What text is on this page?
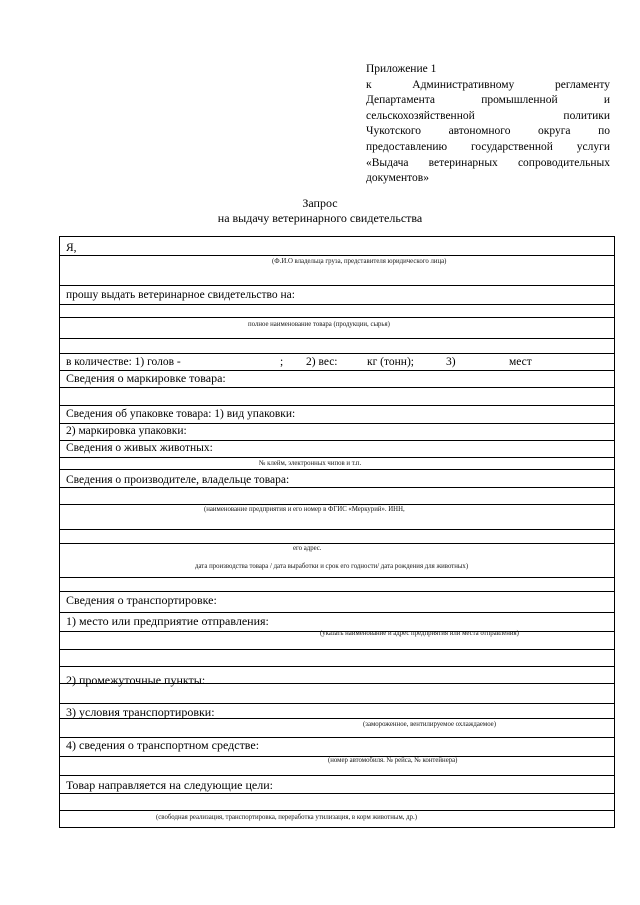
Приложение 1
к	Административному	регламенту
Департамента	промышленной	и
сельскохозяйственной	политики
Чукотского автономного округа по
предоставлению государственной услуги
«Выдача ветеринарных сопроводительных
документов»
Запрос
на выдачу ветеринарного свидетельства
Я,
(Ф.И.О владельца груза, представителя юридического лица)
прошу выдать ветеринарное свидетельство на:
полное наименование товара (продукции, сырья)
в количестве: 1) голов -	; 2) вес:	кг (тонн);	3)	мест
Сведения о маркировке товара:
Сведения об упаковке товара: 1) вид упаковки:
2) маркировка упаковки:
Сведения о живых животных:
№ клейм, электронных чипов и т.п.
Сведения о производителе, владельце товара:
(наименование предприятия и его номер в ФГИС «Меркурий». ИНН,
его адрес.
дата производства товара / дата выработки и срок его годности/ дата рождения для животных)
Сведения о транспортировке:
1) место или предприятие отправления:
(указать наименование и адрес предприятия или места отправления)
2) промежуточные пункты:
3) условия транспортировки:
(замороженное, вентилируемое охлаждаемое)
4) сведения о транспортном средстве:
(номер автомобиля. № рейса, № контейнера)
Товар направляется на следующие цели:
(свободная реализация, транспортировка, переработка утилизация, в корм животным, др.)
